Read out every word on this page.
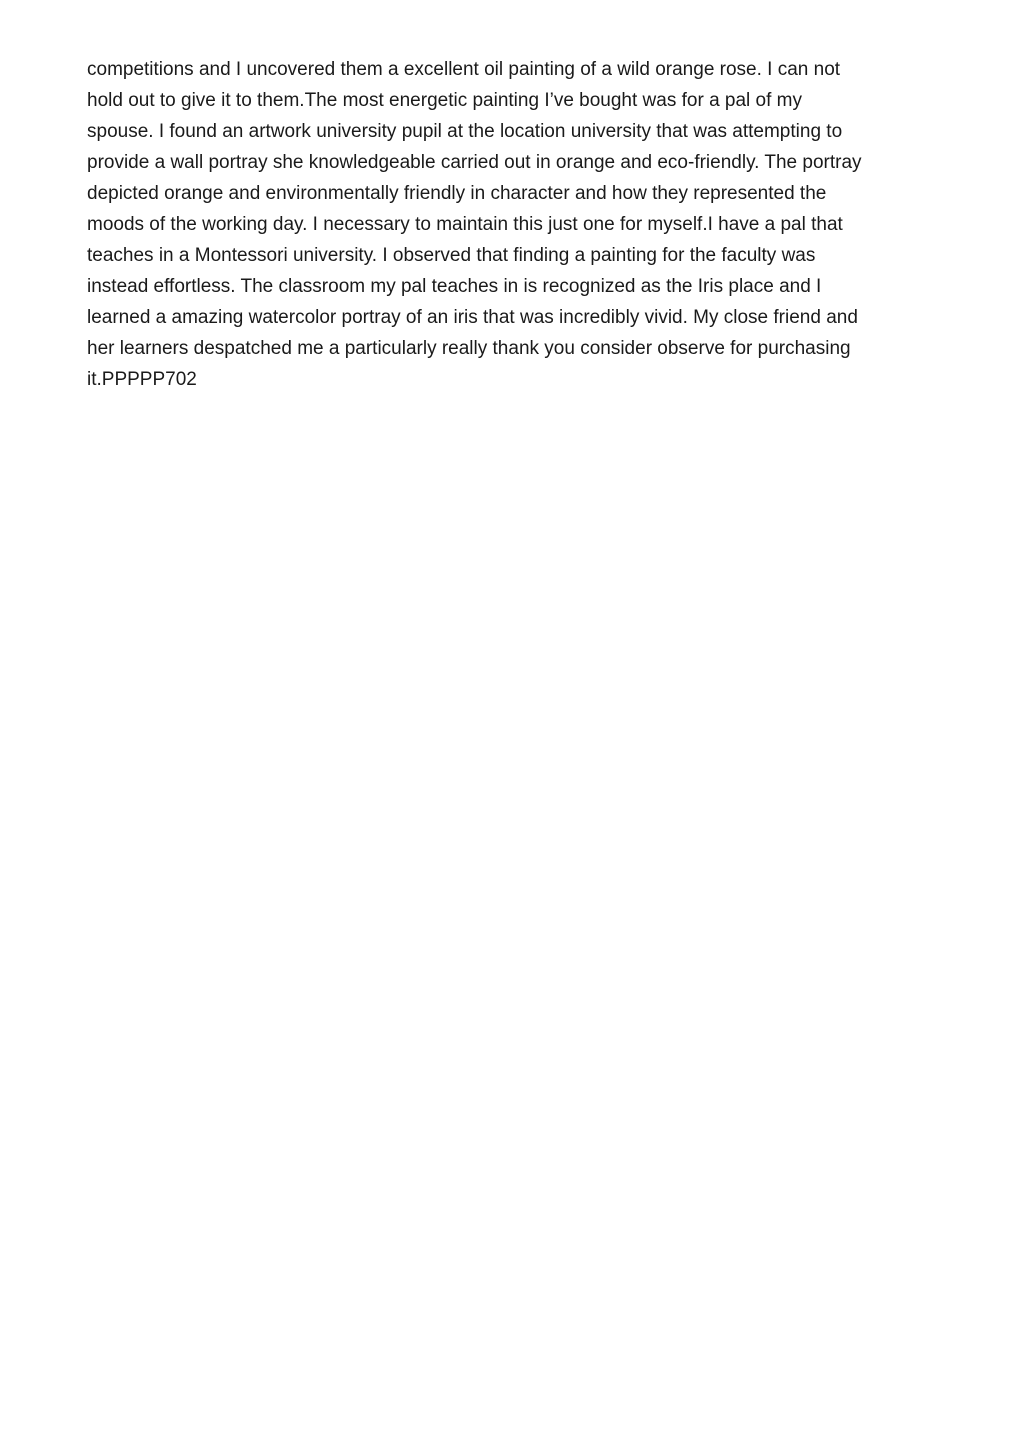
competitions and I uncovered them a excellent oil painting of a wild orange rose. I can not
hold out to give it to them.The most energetic painting I’ve bought was for a pal of my
spouse. I found an artwork university pupil at the location university that was attempting to
provide a wall portray she knowledgeable carried out in orange and eco-friendly. The portray
depicted orange and environmentally friendly in character and how they represented the
moods of the working day. I necessary to maintain this just one for myself.I have a pal that
teaches in a Montessori university. I observed that finding a painting for the faculty was
instead effortless. The classroom my pal teaches in is recognized as the Iris place and I
learned a amazing watercolor portray of an iris that was incredibly vivid. My close friend and
her learners despatched me a particularly really thank you consider observe for purchasing
it.PPPPP702
